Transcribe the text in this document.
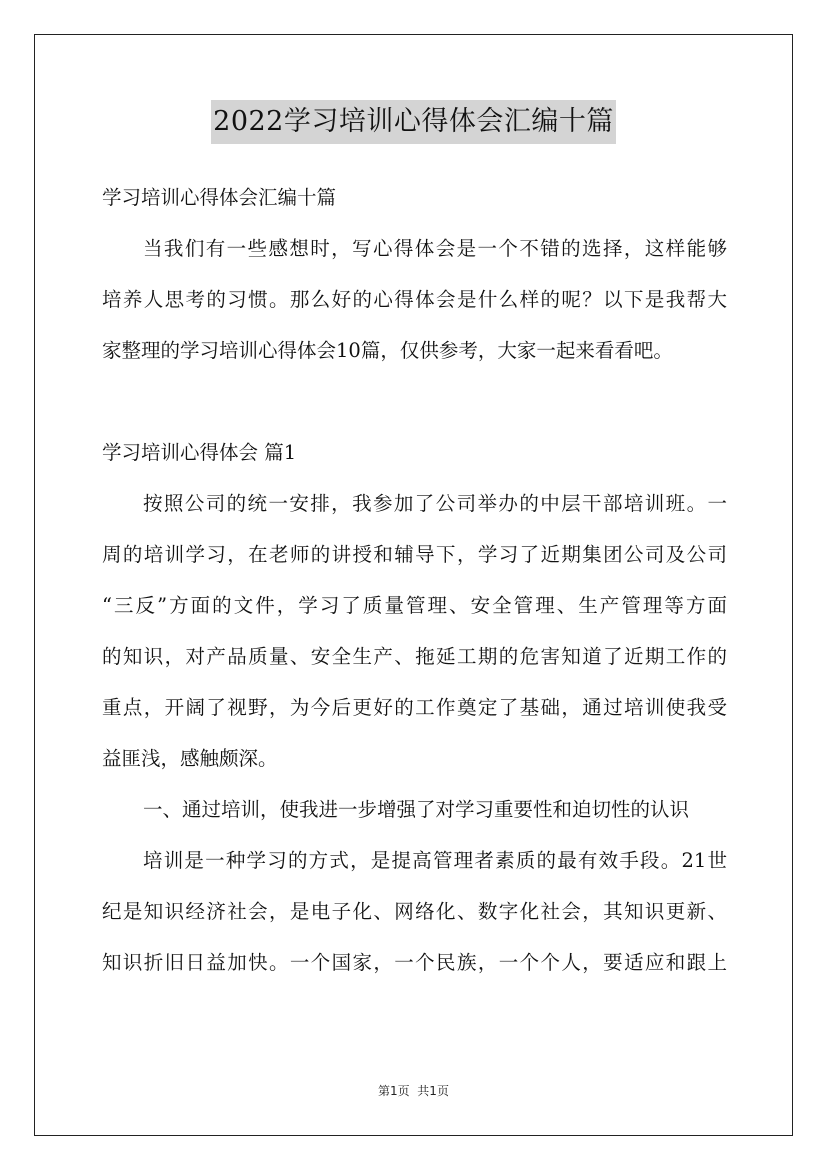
2022学习培训心得体会汇编十篇

学习培训心得体会汇编十篇

当我们有一些感想时，写心得体会是一个不错的选择，这样能够

培养人思考的习惯。那么好的心得体会是什么样的呢？以下是我帮大

家整理的学习培训心得体会10篇，仅供参考，大家一起来看看吧。

学习培训心得体会 篇1

按照公司的统一安排，我参加了公司举办的中层干部培训班。一

周的培训学习，在老师的讲授和辅导下，学习了近期集团公司及公司

“三反”方面的文件，学习了质量管理、安全管理、生产管理等方面

的知识，对产品质量、安全生产、拖延工期的危害知道了近期工作的

重点，开阔了视野，为今后更好的工作奠定了基础，通过培训使我受

益匪浅，感触颇深。

一、通过培训，使我进一步增强了对学习重要性和迫切性的认识

培训是一种学习的方式，是提高管理者素质的最有效手段。21世

纪是知识经济社会，是电子化、网络化、数字化社会，其知识更新、

知识折旧日益加快。一个国家，一个民族，一个个人，要适应和跟上

第1页  共1页
